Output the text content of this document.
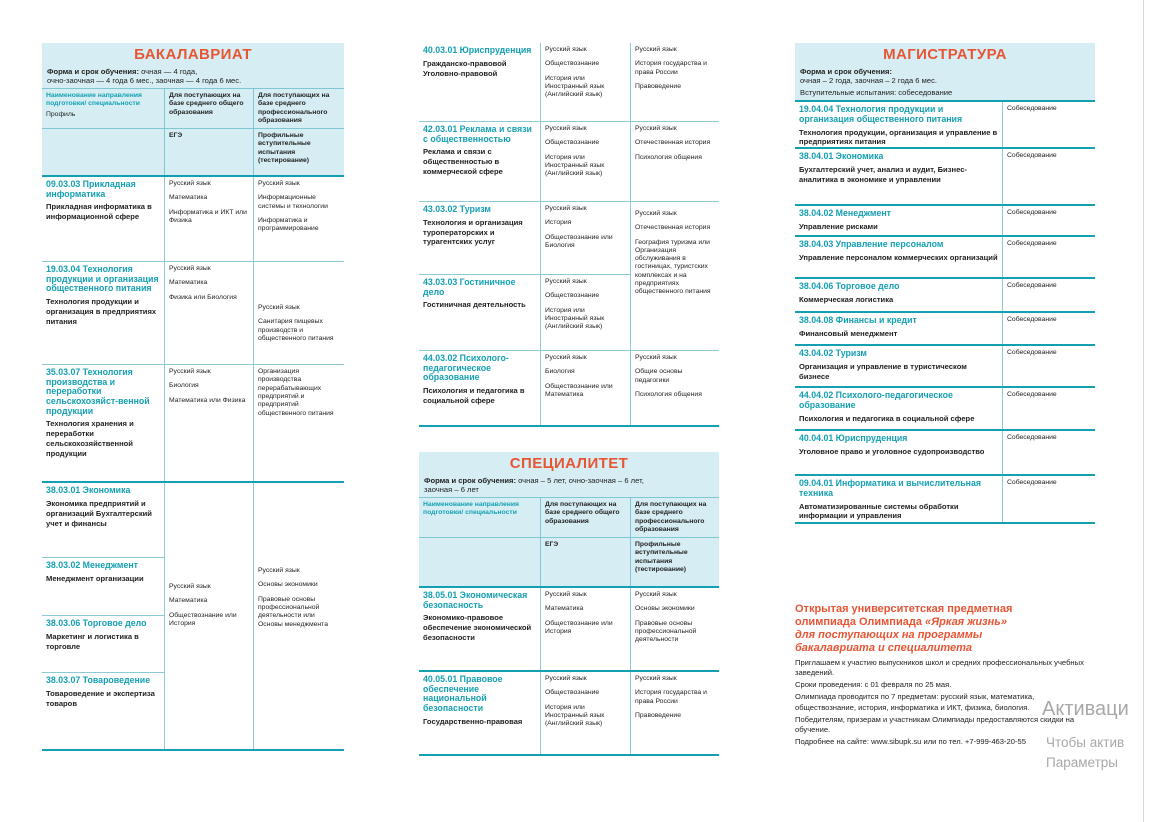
БАКАЛАВРИАТ
Форма и срок обучения: очная — 4 года,
очно-заочная — 4 года 6 мес., заочная — 4 года 6 мес.
Наименование направления подготовки/ специальности
Профиль
Для поступающих на базе среднего общего образования
Для поступающих на базе среднего профессионального образования
ЕГЭ	Профильные вступительные испытания (тестирование)
09.03.03 Прикладная информатика
Прикладная информатика в информационной сфере
Русский язык
Математика
Информатика и ИКТ или Физика
Русский язык
Информационные системы и технологии
Информатика и программирование
19.03.04 Технология продукции и организация общественного питания
Технология продукции и организация в предприятиях питания
Русский язык
Математика
Физика или Биология
Русский язык
Санитария пищевых производств и общественного питания
35.03.07 Технология производства и переработки сельскохозяйст-венной продукции
Технология хранения и переработки сельскохозяйственной продукции
Русский язык
Биология
Математика или Физика
Организация производства перерабатывающих предприятий и предприятий общественного питания
38.03.01 Экономика
Экономика предприятий и организаций Бухгалтерский учет и финансы
38.03.02 Менеджмент
Менеджмент организации
38.03.06 Торговое дело
Маркетинг и логистика в торговле
38.03.07 Товароведение
Товароведение и экспертиза товаров
Русский язык
Математика
Обществознание или История
Русский язык
Основы экономики
Правовые основы профессиональной деятельности или Основы менеджмента
40.03.01 Юриспруденция
Гражданско-правовой Уголовно-правовой
Русский язык
Обществознание
История или Иностранный язык (Английский язык)
Русский язык
История государства и права России
Правоведение
42.03.01 Реклама и связи с общественностью
Реклама и связи с общественностью в коммерческой сфере
Русский язык
Обществознание
История или Иностранный язык (Английский язык)
Русский язык
Отечественная история
Психология общения
43.03.02 Туризм
Технология и организация туроператорских и турагентских услуг
Русский язык
История
Обществознание или Биология
43.03.03 Гостиничное дело
Гостиничная деятельность
Русский язык
Обществознание
История или Иностранный язык (Английский язык)
Русский язык
Отечественная история
География туризма или Организация обслуживания в гостиницах, туристских комплексах и на предприятиях общественного питания
44.03.02 Психолого-педагогическое образование
Психология и педагогика в социальной сфере
Русский язык
Биология
Обществознание или Математика
Русский язык
Общие основы педагогики
Психология общения
СПЕЦИАЛИТЕТ
Форма и срок обучения: очная – 5 лет, очно-заочная – 6 лет,
заочная – 6 лет
Наименование направления подготовки/ специальности
Для поступающих на базе среднего общего образования
Для поступающих на базе среднего профессионального образования
ЕГЭ	Профильные вступительные испытания (тестирование)
38.05.01 Экономическая безопасность
Экономико-правовое обеспечение экономической безопасности
Русский язык
Математика
Обществознание или История
Русский язык
Основы экономики
Правовые основы профессиональной деятельности
40.05.01 Правовое обеспечение национальной безопасности
Государственно-правовая
Русский язык
Обществознание
История или Иностранный язык (Английский язык)
Русский язык
История государства и права России
Правоведение
МАГИСТРАТУРА
Форма и срок обучения:
очная – 2 года, заочная – 2 года 6 мес.
Вступительные испытания: собеседование
19.04.04 Технология продукции и организация общественного питания
Технология продукции, организация и управление в предприятиях питания
Собеседование
38.04.01 Экономика
Бухгалтерский учет, анализ и аудит, Бизнес-аналитика в экономике и управлении
Собеседование
38.04.02 Менеджмент
Управление рисками
Собеседование
38.04.03 Управление персоналом
Управление персоналом коммерческих организаций
Собеседование
38.04.06 Торговое дело
Коммерческая логистика
Собеседование
38.04.08 Финансы и кредит
Финансовый менеджмент
Собеседование
43.04.02 Туризм
Организация и управление в туристическом бизнесе
Собеседование
44.04.02 Психолого-педагогическое образование
Психология и педагогика в социальной сфере
Собеседование
40.04.01 Юриспруденция
Уголовное право и уголовное судопроизводство
Собеседование
09.04.01 Информатика и вычислительная техника
Автоматизированные системы обработки информации и управления
Собеседование
Открытая университетская предметная
олимпиада Олимпиада «Яркая жизнь»
для поступающих на программы
бакалавриата и специалитета

Приглашаем к участию выпускников школ и средних профессиональных учебных заведений.

Сроки проведения: с 01 февраля по 25 мая.

Олимпиада проводится по 7 предметам: русский язык, математика, обществознание, история, информатика и ИКТ, физика, биология.

Победителям, призерам и участникам Олимпиады предоставляются скидки на обучение.

Подробнее на сайте: www.sibupk.su или по тел. +7-999-463-20-55

Активаци
Чтобы актив
Параметры
